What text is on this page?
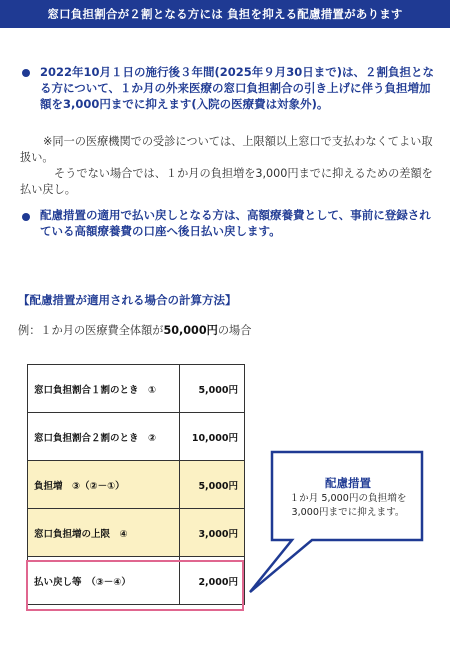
窓口負担割合が２割となる方には 負担を抑える配慮措置があります
2022年10月１日の施行後３年間(2025年９月30日まで)は、２割負担となる方について、１か月の外来医療の窓口負担割合の引き上げに伴う負担増加額を3,000円までに抑えます(入院の医療費は対象外)。
※同一の医療機関での受診については、上限額以上窓口で支払わなくてよい取扱い。
そうでない場合では、１か月の負担増を3,000円までに抑えるための差額を払い戻し。
配慮措置の適用で払い戻しとなる方は、高額療養費として、事前に登録されている高額療養費の口座へ後日払い戻します。
【配慮措置が適用される場合の計算方法】
例：１か月の医療費全体額が50,000円の場合
窓口負担割合１割のとき　①	5,000円
窓口負担割合２割のとき　②	10,000円
負担増　③（②－①）	5,000円
窓口負担増の上限　④	3,000円
払い戻し等　（③－④）	2,000円
配慮措置
１か月 5,000円の負担増を3,000円までに抑えます。
